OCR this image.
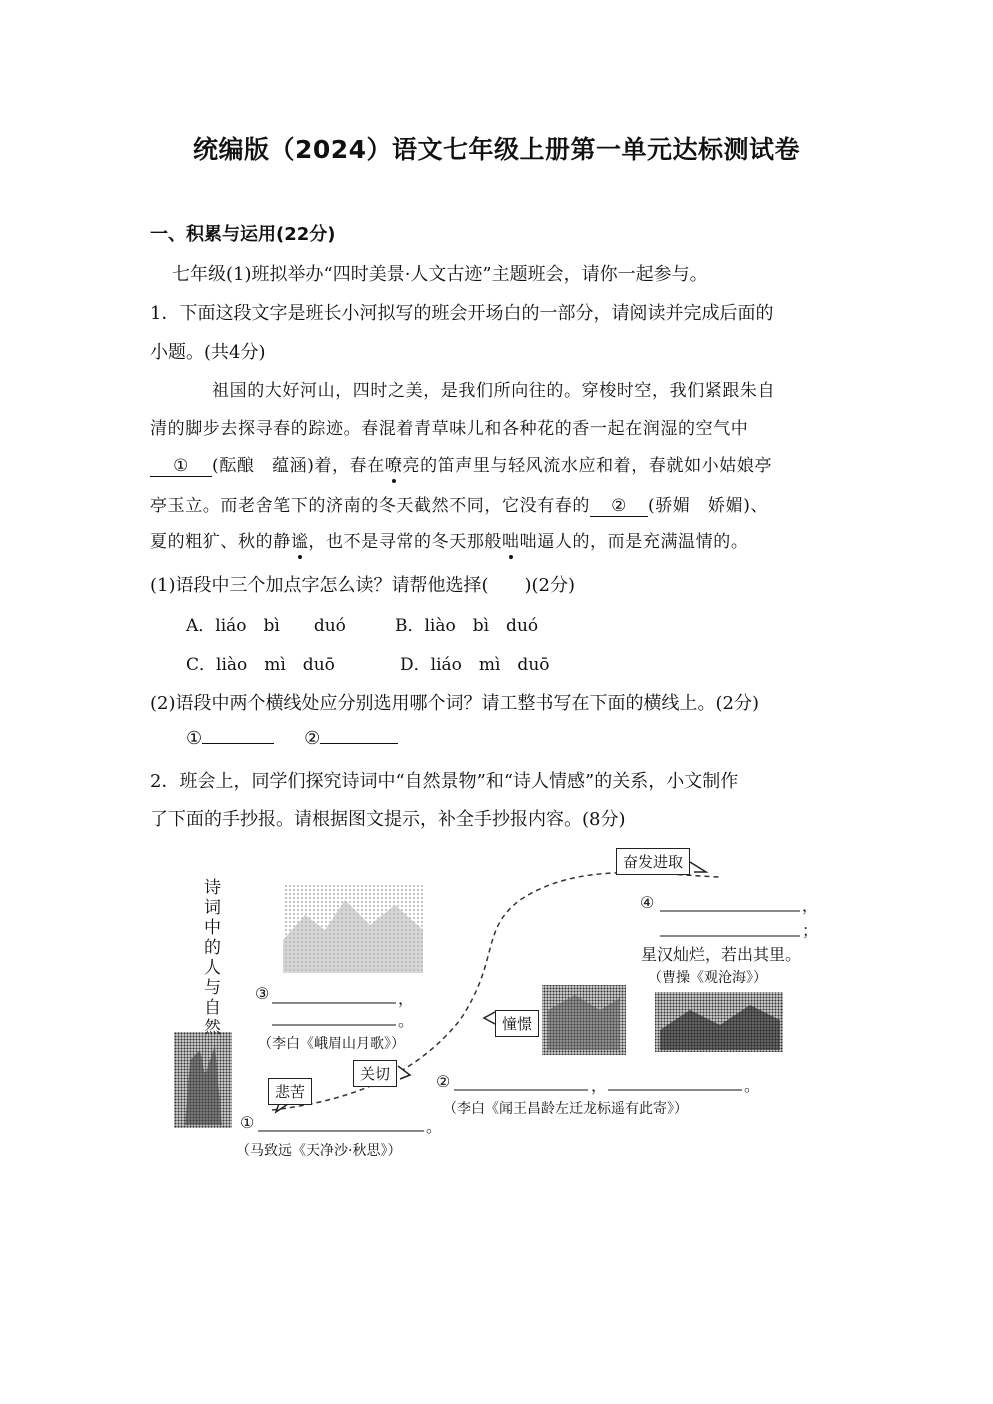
统编版（2024）语文七年级上册第一单元达标测试卷
一、积累与运用(22分)
七年级(1)班拟举办“四时美景·人文古迹”主题班会，请你一起参与。
1．下面这段文字是班长小河拟写的班会开场白的一部分，请阅读并完成后面的
小题。(共4分)
祖国的大好河山，四时之美，是我们所向往的。穿梭时空，我们紧跟朱自
清的脚步去探寻春的踪迹。春混着青草味儿和各种花的香一起在润湿的空气中
① (酝酿　蕴涵)着，春在嘹亮的笛声里与轻风流水应和着，春就如小姑娘亭
亭玉立。而老舍笔下的济南的冬天截然不同，它没有春的 ② (骄媚　娇媚)、
夏的粗犷、秋的静谧，也不是寻常的冬天那般咄咄逼人的，而是充满温情的。
(1)语段中三个加点字怎么读？请帮他选择(　　)(2分)
A．liáo　bì　　duó	B．liào　bì　duó
C．liào　mì　duō	D．liáo　mì　duō
(2)语段中两个横线处应分别选用哪个词？请工整书写在下面的横线上。(2分)
①	②
2．班会上，同学们探究诗词中“自然景物”和“诗人情感”的关系，小文制作
了下面的手抄报。请根据图文提示，补全手抄报内容。(8分)
诗词中的人与自然
奋发进取
憧憬
关切
悲苦
④	，
；
星汉灿烂，若出其里。
（曹操《观沧海》）
③	，
。
（李白《峨眉山月歌》）
②	，	。
（李白《闻王昌龄左迁龙标遥有此寄》）
①	。
（马致远《天净沙·秋思》）
